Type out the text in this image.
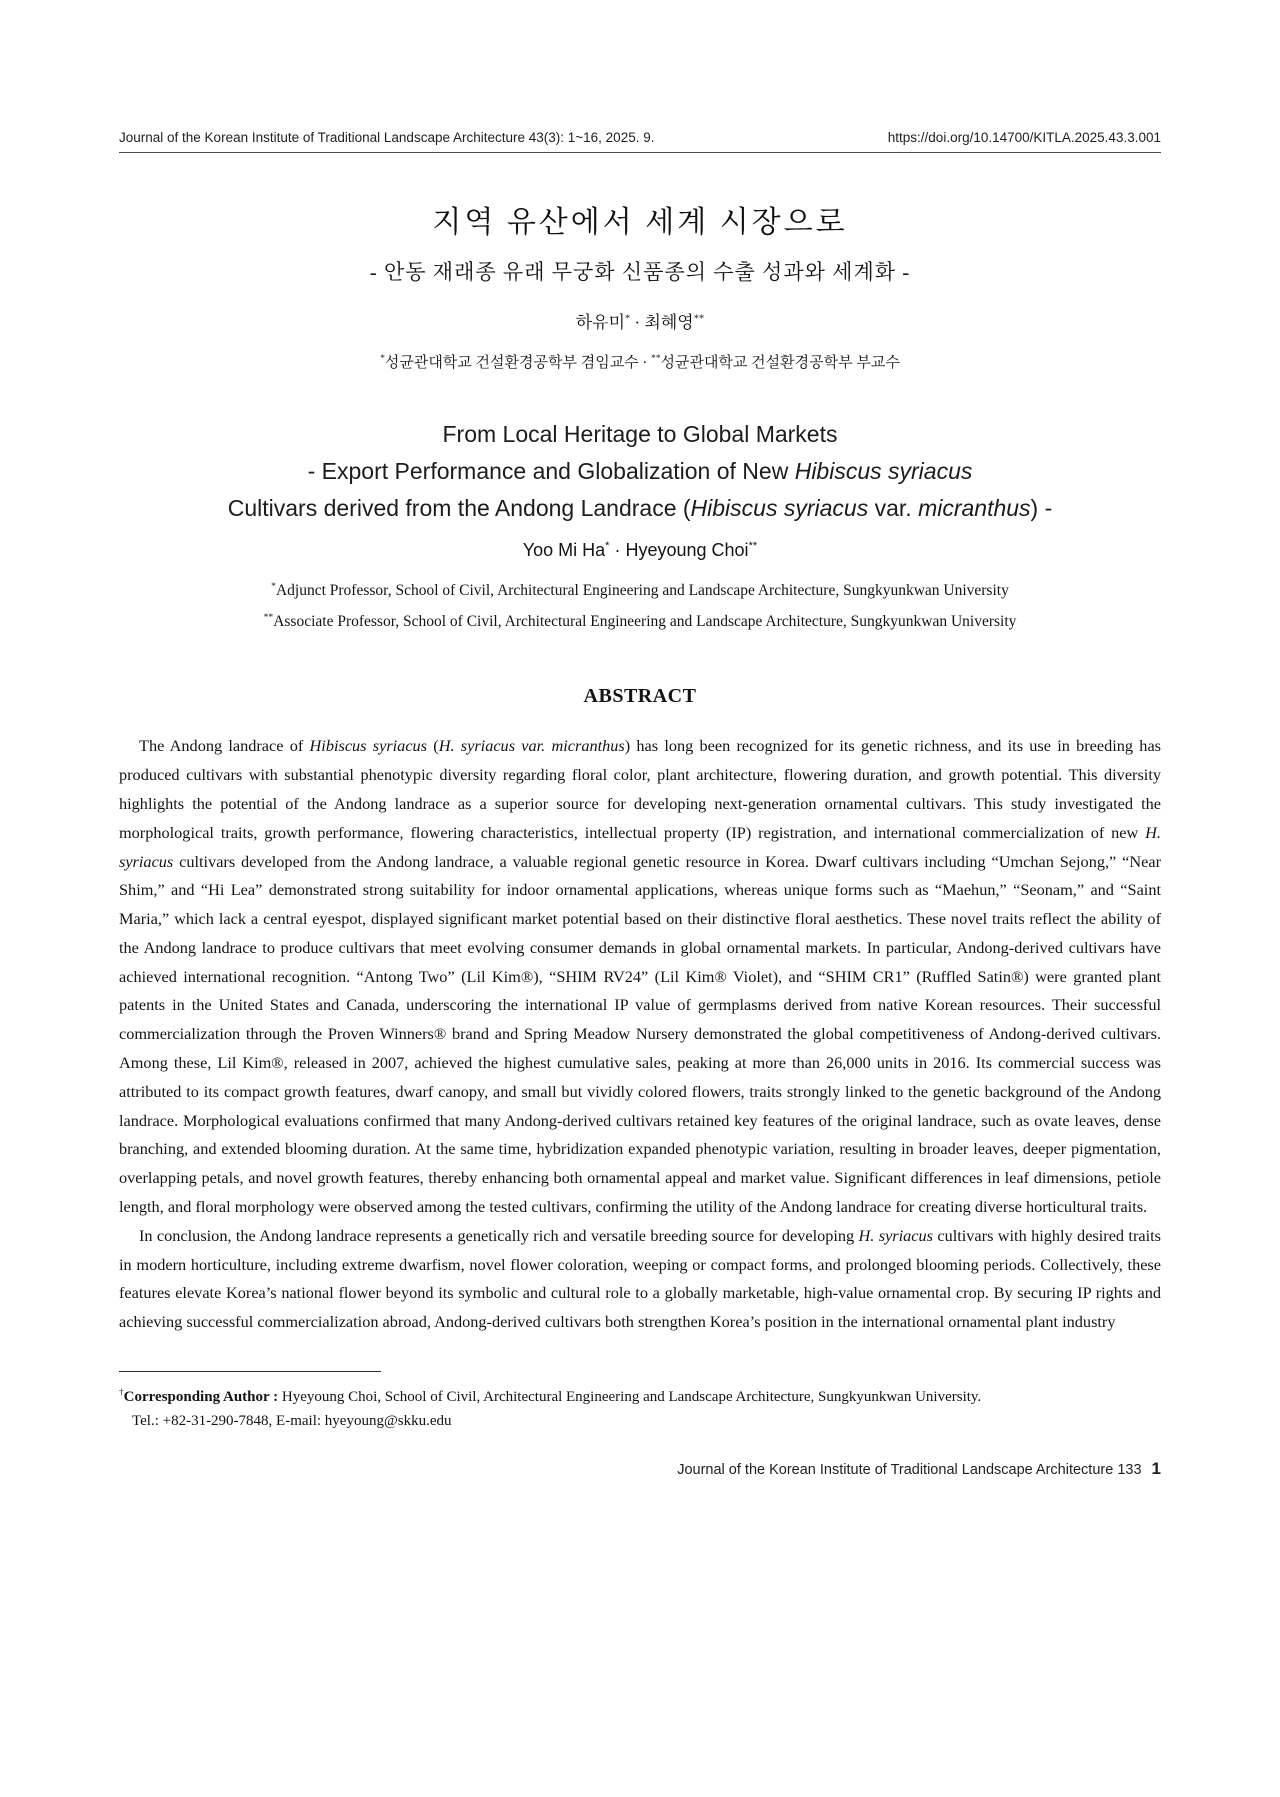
Journal of the Korean Institute of Traditional Landscape Architecture 43(3): 1~16, 2025. 9.	https://doi.org/10.14700/KITLA.2025.43.3.001
지역 유산에서 세계 시장으로
- 안동 재래종 유래 무궁화 신품종의 수출 성과와 세계화 -
하유미* · 최혜영**
*성균관대학교 건설환경공학부 겸임교수 · **성균관대학교 건설환경공학부 부교수
From Local Heritage to Global Markets
- Export Performance and Globalization of New Hibiscus syriacus
Cultivars derived from the Andong Landrace (Hibiscus syriacus var. micranthus) -
Yoo Mi Ha* · Hyeyoung Choi**
*Adjunct Professor, School of Civil, Architectural Engineering and Landscape Architecture, Sungkyunkwan University
**Associate Professor, School of Civil, Architectural Engineering and Landscape Architecture, Sungkyunkwan University
ABSTRACT

The Andong landrace of Hibiscus syriacus (H. syriacus var. micranthus) has long been recognized for its genetic richness, and its use in breeding has produced cultivars with substantial phenotypic diversity regarding floral color, plant architecture, flowering duration, and growth potential. This diversity highlights the potential of the Andong landrace as a superior source for developing next-generation ornamental cultivars. This study investigated the morphological traits, growth performance, flowering characteristics, intellectual property (IP) registration, and international commercialization of new H. syriacus cultivars developed from the Andong landrace, a valuable regional genetic resource in Korea. Dwarf cultivars including “Umchan Sejong,” “Near Shim,” and “Hi Lea” demonstrated strong suitability for indoor ornamental applications, whereas unique forms such as “Maehun,” “Seonam,” and “Saint Maria,” which lack a central eyespot, displayed significant market potential based on their distinctive floral aesthetics. These novel traits reflect the ability of the Andong landrace to produce cultivars that meet evolving consumer demands in global ornamental markets. In particular, Andong-derived cultivars have achieved international recognition. “Antong Two” (Lil Kim®), “SHIM RV24” (Lil Kim® Violet), and “SHIM CR1” (Ruffled Satin®) were granted plant patents in the United States and Canada, underscoring the international IP value of germplasms derived from native Korean resources. Their successful commercialization through the Proven Winners® brand and Spring Meadow Nursery demonstrated the global competitiveness of Andong-derived cultivars. Among these, Lil Kim®, released in 2007, achieved the highest cumulative sales, peaking at more than 26,000 units in 2016. Its commercial success was attributed to its compact growth features, dwarf canopy, and small but vividly colored flowers, traits strongly linked to the genetic background of the Andong landrace. Morphological evaluations confirmed that many Andong-derived cultivars retained key features of the original landrace, such as ovate leaves, dense branching, and extended blooming duration. At the same time, hybridization expanded phenotypic variation, resulting in broader leaves, deeper pigmentation, overlapping petals, and novel growth features, thereby enhancing both ornamental appeal and market value. Significant differences in leaf dimensions, petiole length, and floral morphology were observed among the tested cultivars, confirming the utility of the Andong landrace for creating diverse horticultural traits.

In conclusion, the Andong landrace represents a genetically rich and versatile breeding source for developing H. syriacus cultivars with highly desired traits in modern horticulture, including extreme dwarfism, novel flower coloration, weeping or compact forms, and prolonged blooming periods. Collectively, these features elevate Korea’s national flower beyond its symbolic and cultural role to a globally marketable, high-value ornamental crop. By securing IP rights and achieving successful commercialization abroad, Andong-derived cultivars both strengthen Korea’s position in the international ornamental plant industry

†Corresponding Author : Hyeyoung Choi, School of Civil, Architectural Engineering and Landscape Architecture, Sungkyunkwan University.

Tel.: +82-31-290-7848, E-mail: hyeyoung@skku.edu

Journal of the Korean Institute of Traditional Landscape Architecture 133 1
